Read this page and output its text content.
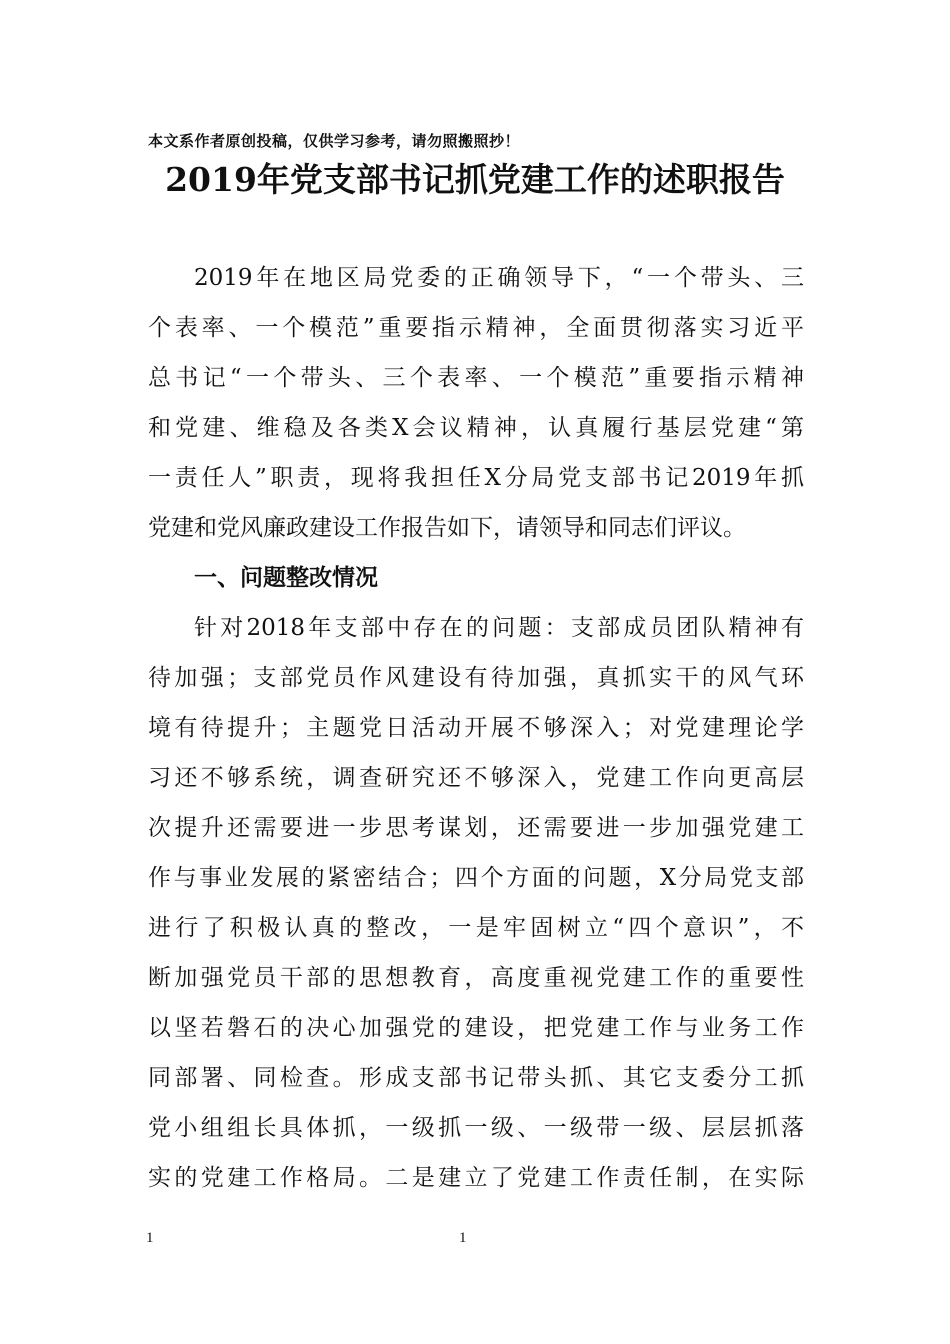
本文系作者原创投稿，仅供学习参考，请勿照搬照抄！
2019年党支部书记抓党建工作的述职报告
2019年在地区局党委的正确领导下，“一个带头、三
个表率、一个模范”重要指示精神，全面贯彻落实习近平
总书记“一个带头、三个表率、一个模范”重要指示精神
和党建、维稳及各类X会议精神，认真履行基层党建“第
一责任人”职责，现将我担任X分局党支部书记2019年抓
党建和党风廉政建设工作报告如下，请领导和同志们评议。
一、问题整改情况
针对2018年支部中存在的问题：支部成员团队精神有
待加强；支部党员作风建设有待加强，真抓实干的风气环
境有待提升；主题党日活动开展不够深入；对党建理论学
习还不够系统，调查研究还不够深入，党建工作向更高层
次提升还需要进一步思考谋划，还需要进一步加强党建工
作与事业发展的紧密结合；四个方面的问题，X分局党支部
进行了积极认真的整改，一是牢固树立“四个意识”，不
断加强党员干部的思想教育，高度重视党建工作的重要性
以坚若磐石的决心加强党的建设，把党建工作与业务工作
同部署、同检查。形成支部书记带头抓、其它支委分工抓
党小组组长具体抓，一级抓一级、一级带一级、层层抓落
实的党建工作格局。二是建立了党建工作责任制，在实际
1	1
